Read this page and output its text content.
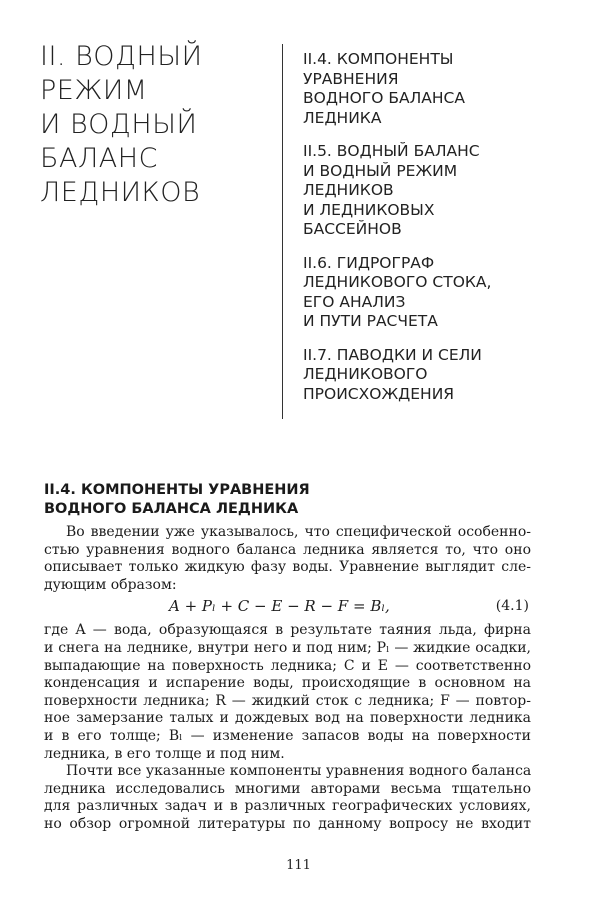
II. ВОДНЫЙ
РЕЖИМ
И ВОДНЫЙ
БАЛАНС
ЛЕДНИКОВ
II.4. КОМПОНЕНТЫ
УРАВНЕНИЯ
ВОДНОГО БАЛАНСА
ЛЕДНИКА
II.5. ВОДНЫЙ БАЛАНС
И ВОДНЫЙ РЕЖИМ
ЛЕДНИКОВ
И ЛЕДНИКОВЫХ
БАССЕЙНОВ
II.6. ГИДРОГРАФ
ЛЕДНИКОВОГО СТОКА,
ЕГО АНАЛИЗ
И ПУТИ РАСЧЕТА
II.7. ПАВОДКИ И СЕЛИ
ЛЕДНИКОВОГО
ПРОИСХОЖДЕНИЯ
II.4. КОМПОНЕНТЫ УРАВНЕНИЯ
ВОДНОГО БАЛАНСА ЛЕДНИКА
Во введении уже указывалось, что специфической особенно-
стью уравнения водного баланса ледника является то, что оно
описывает только жидкую фазу воды. Уравнение выглядит сле-
дующим образом:
A + Pₗ + C − E − R − F = Bₗ,	(4.1)
где A — вода, образующаяся в результате таяния льда, фирна
и снега на леднике, внутри него и под ним; Pₗ — жидкие осадки,
выпадающие на поверхность ледника; C и E — соответственно
конденсация и испарение воды, происходящие в основном на
поверхности ледника; R — жидкий сток с ледника; F — повтор-
ное замерзание талых и дождевых вод на поверхности ледника
и в его толще; Bₗ — изменение запасов воды на поверхности
ледника, в его толще и под ним.
Почти все указанные компоненты уравнения водного баланса
ледника исследовались многими авторами весьма тщательно
для различных задач и в различных географических условиях,
но обзор огромной литературы по данному вопросу не входит
111
